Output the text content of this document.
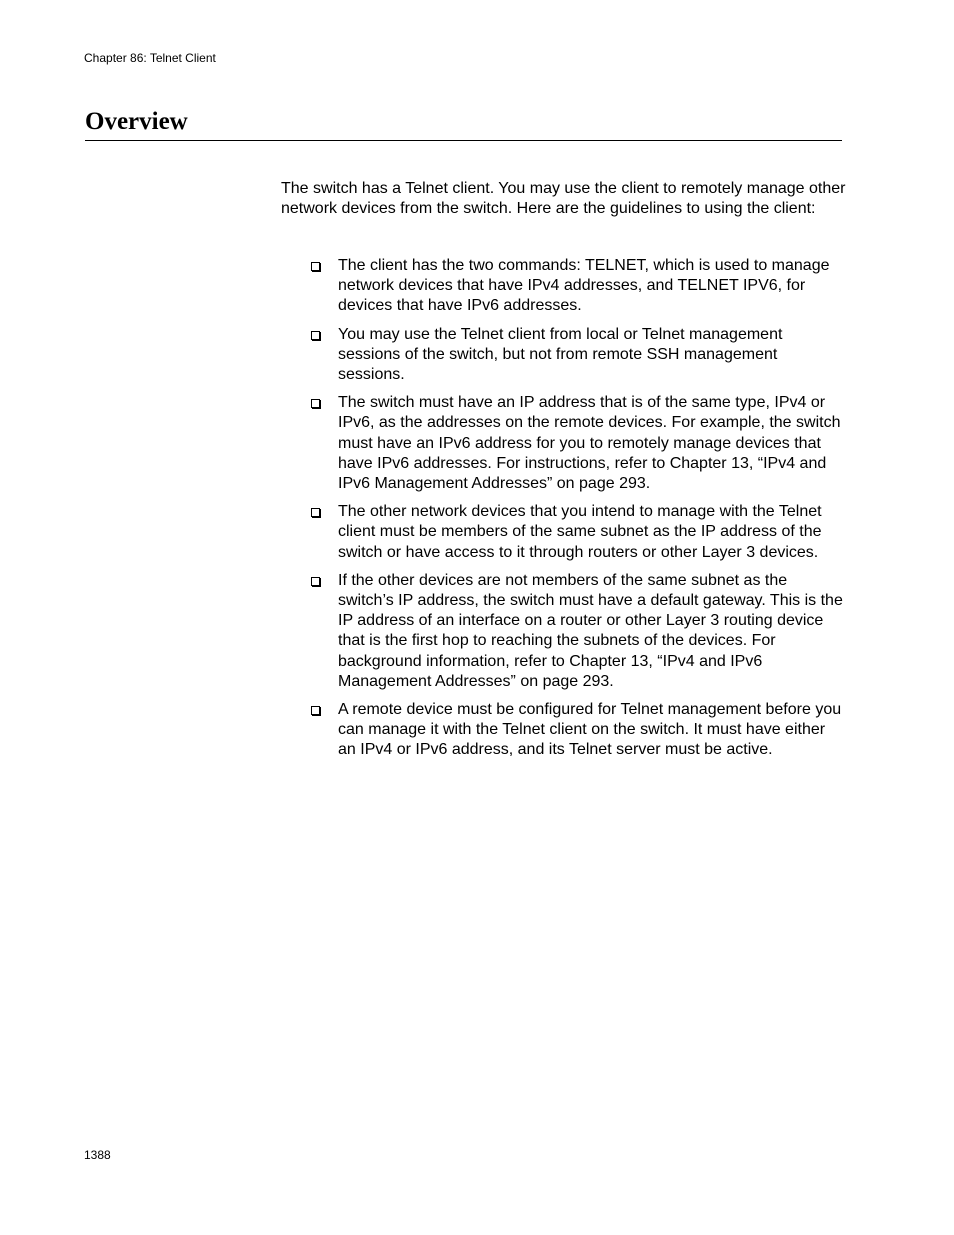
Chapter 86: Telnet Client
Overview

The switch has a Telnet client. You may use the client to remotely manage other network devices from the switch. Here are the guidelines to using the client:

The client has the two commands: TELNET, which is used to manage network devices that have IPv4 addresses, and TELNET IPV6, for devices that have IPv6 addresses.
You may use the Telnet client from local or Telnet management sessions of the switch, but not from remote SSH management sessions.
The switch must have an IP address that is of the same type, IPv4 or IPv6, as the addresses on the remote devices. For example, the switch must have an IPv6 address for you to remotely manage devices that have IPv6 addresses. For instructions, refer to Chapter 13, “IPv4 and IPv6 Management Addresses” on page 293.
The other network devices that you intend to manage with the Telnet client must be members of the same subnet as the IP address of the switch or have access to it through routers or other Layer 3 devices.
If the other devices are not members of the same subnet as the switch’s IP address, the switch must have a default gateway. This is the IP address of an interface on a router or other Layer 3 routing device that is the first hop to reaching the subnets of the devices. For background information, refer to Chapter 13, “IPv4 and IPv6 Management Addresses” on page 293.
A remote device must be configured for Telnet management before you can manage it with the Telnet client on the switch. It must have either an IPv4 or IPv6 address, and its Telnet server must be active.
1388
